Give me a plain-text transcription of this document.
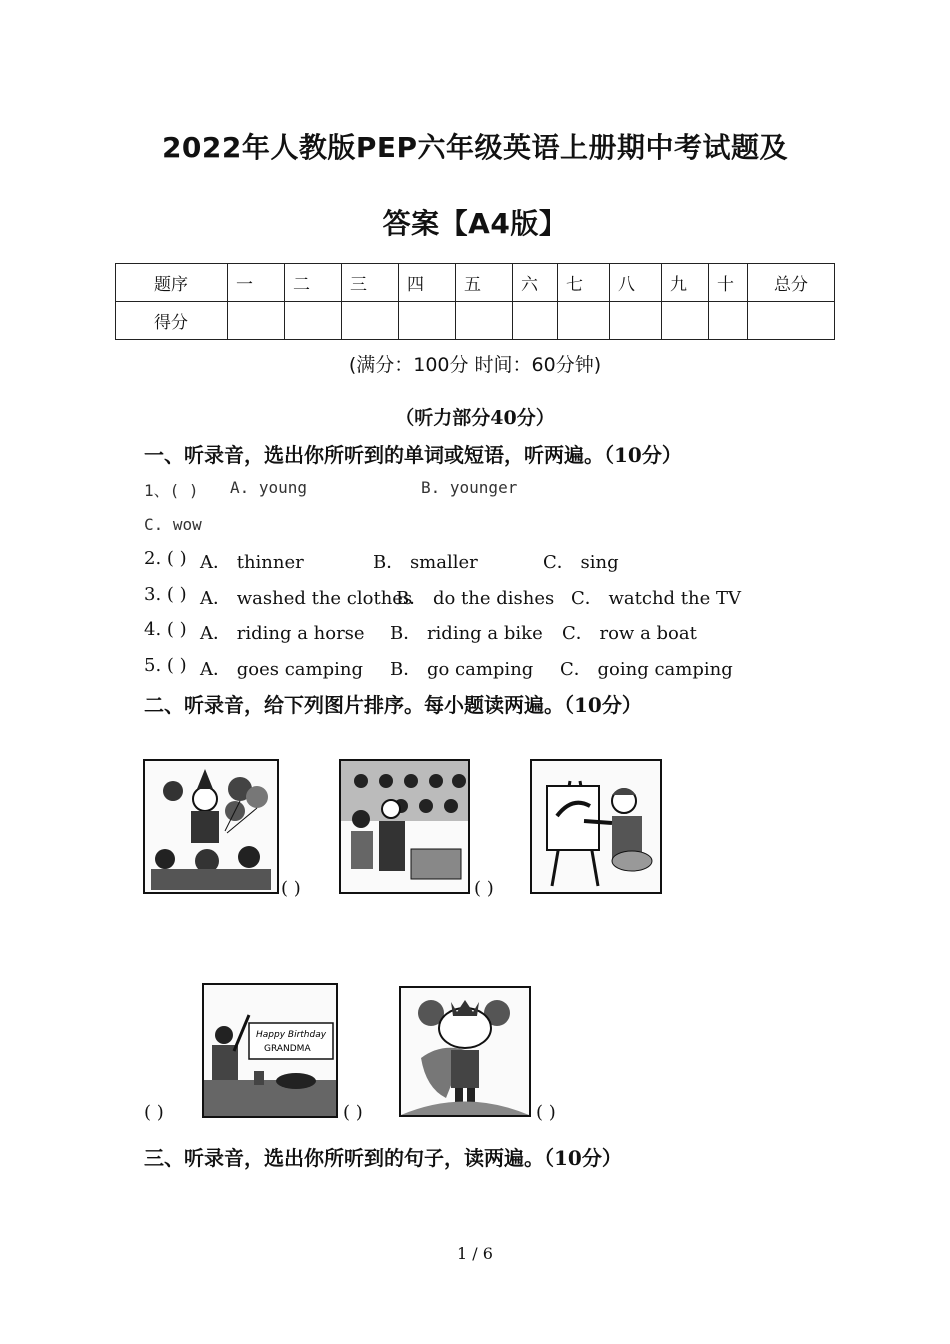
2022年人教版PEP六年级英语上册期中考试题及
答案【A4版】
题序	一	二	三	四	五	六	七	八	九	十	总分
得分											
(满分：100分 时间：60分钟)
（听力部分40分）
一、听录音，选出你所听到的单词或短语，听两遍。（10分）
1、( ) A. young	B. younger
C. wow
2. ( ) A． thinner	B． smaller	C． sing
3. ( ) A． washed the clothes
B． do the dishes C． watchd the TV
4. ( ) A． riding a horse B． riding a bike C． row a boat
5. ( ) A． goes camping B． go camping C． going camping
二、听录音，给下列图片排序。每小题读两遍。（10分）
( )	( )
Happy Birthday
GRANDMA
( )
( )	( )
三、听录音，选出你所听到的句子，读两遍。（10分）
1 / 6
